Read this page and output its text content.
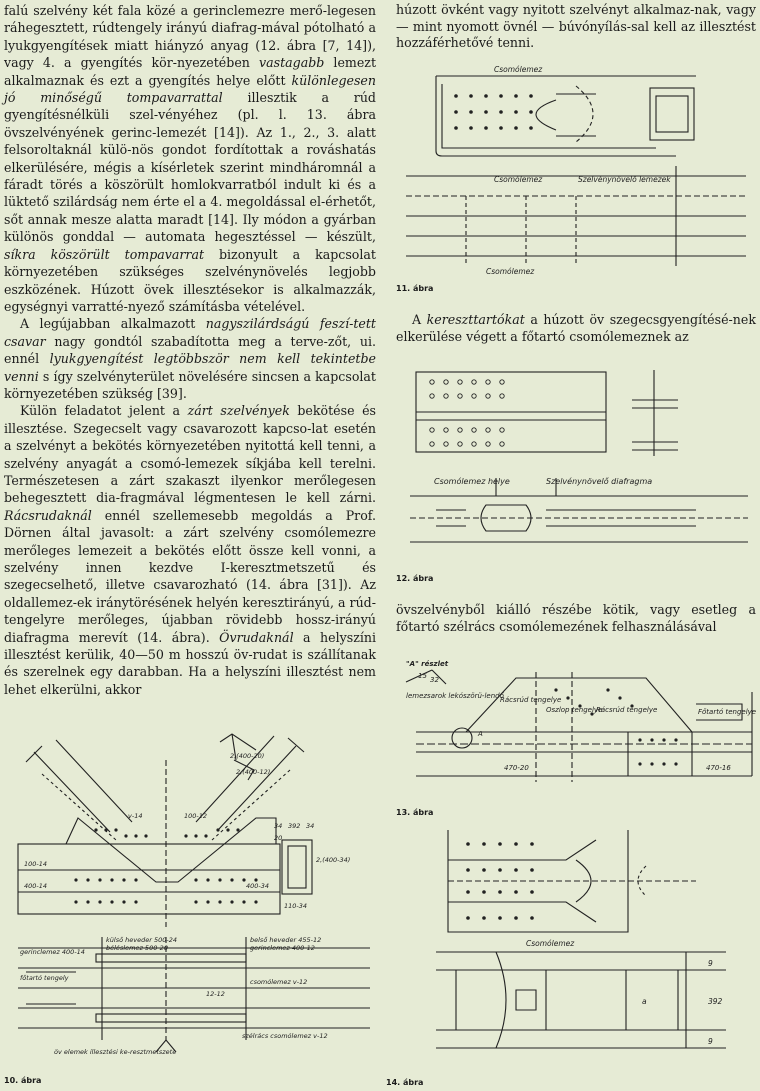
falú szelvény két fala közé a gerinclemezre merő-legesen ráhegesztett, rúdtengely irányú diafrag-mával pótolható a lyukgyengítések miatt hiányzó anyag (12. ábra [7, 14]), vagy 4. a gyengítés kör-nyezetében vastagabb lemezt alkalmaznak és ezt a gyengítés helye előtt különlegesen jó minőségű tompavarrattal illesztik a rúd gyengítésnélküli szel-vényéhez (pl. l. 13. ábra övszelvényének gerinc-lemezét [14]). Az 1., 2., 3. alatt felsoroltaknál külö-nös gondot fordítottak a rováshatás elkerülésére, mégis a kísérletek szerint mindháromnál a fáradt törés a köszörült homlokvarratból indult ki és a lüktető szilárdság nem érte el a 4. megoldással el-érhetőt, sőt annak mesze alatta maradt [14]. Ily módon a gyárban különös gonddal — automata hegesztéssel — készült, síkra köszörült tompavarrat bizonyult a kapcsolat környezetében szükséges szelvénynövelés legjobb eszközének. Húzott övek illesztésekor is alkalmazzák, egységnyi varratté-nyező számításba vételével.

A legújabban alkalmazott nagyszilárdságú feszí-tett csavar nagy gondtól szabadította meg a terve-zőt, ui. ennél lyukgyengítést legtöbbször nem kell tekintetbe venni s így szelvényterület növelésére sincsen a kapcsolat környezetében szükség [39].

Külön feladatot jelent a zárt szelvények bekötése és illesztése. Szegecselt vagy csavarozott kapcso-lat esetén a szelvényt a bekötés környezetében nyitottá kell tenni, a szelvény anyagát a csomó-lemezek síkjába kell terelni. Természetesen a zárt szakaszt ilyenkor merőlegesen behegesztett dia-fragmával légmentesen le kell zárni. Rácsrudaknál ennél szellemesebb megoldás a Prof. Dörnen által javasolt: a zárt szelvény csomólemezre merőleges lemezeit a bekötés előtt össze kell vonni, a szelvény innen kezdve I-keresztmetszetű és szegecselhető, illetve csavarozható (14. ábra [31]). Az oldallemez-ek iránytörésének helyén keresztirányú, a rúd-tengelyre merőleges, újabban rövidebb hossz-irányú diafragma merevít (14. ábra). Övrudaknál a helyszíni illesztést kerülik, 40—50 m hosszú öv-rudat is szállítanak és szerelnek egy darabban. Ha a helyszíni illesztést nem lehet elkerülni, akkor

2,(400-20)
2,(400-12)
v-14	100-12
34 392 34
20
100-14
400-14	400-34
110-34
2,(400-34)
külső heveder 500-24
béléslemez 500-20
belső heveder 455-12
gerinclemez 400-14	gerinclemez 400-12
főtartó tengely	csomólemez v-12
12-12
szélrács csomólemez v-12
öv elemek illesztési ke-resztmetszete
10. ábra
húzott övként vagy nyitott szelvényt alkalmaz-nak, vagy — mint nyomott övnél — búvónyílás-sal kell az illesztést hozzáférhetővé tenni.
Csomólemez
Csomólemez	Szelvénynövelő lemezek
Csomólemez
11. ábra
A kereszttartókat a húzott öv szegecsgyengítésé-nek elkerülése végett a főtartó csomólemeznek az
Csomólemez helye	Szelvénynövelő diafragma
12. ábra
övszelvényből kiálló részébe kötik, vagy esetleg a főtartó szélrács csomólemezének felhasználásával
"A" részlet
15 32
lemezsarok lekószörü-lendő
A
Rácsrúd tengelye
Oszlop tengelye
Rácsrúd tengelye	Főtartó tengelye
470-20	470-16
13. ábra
Csomólemez
392
9
9
a
14. ábra
